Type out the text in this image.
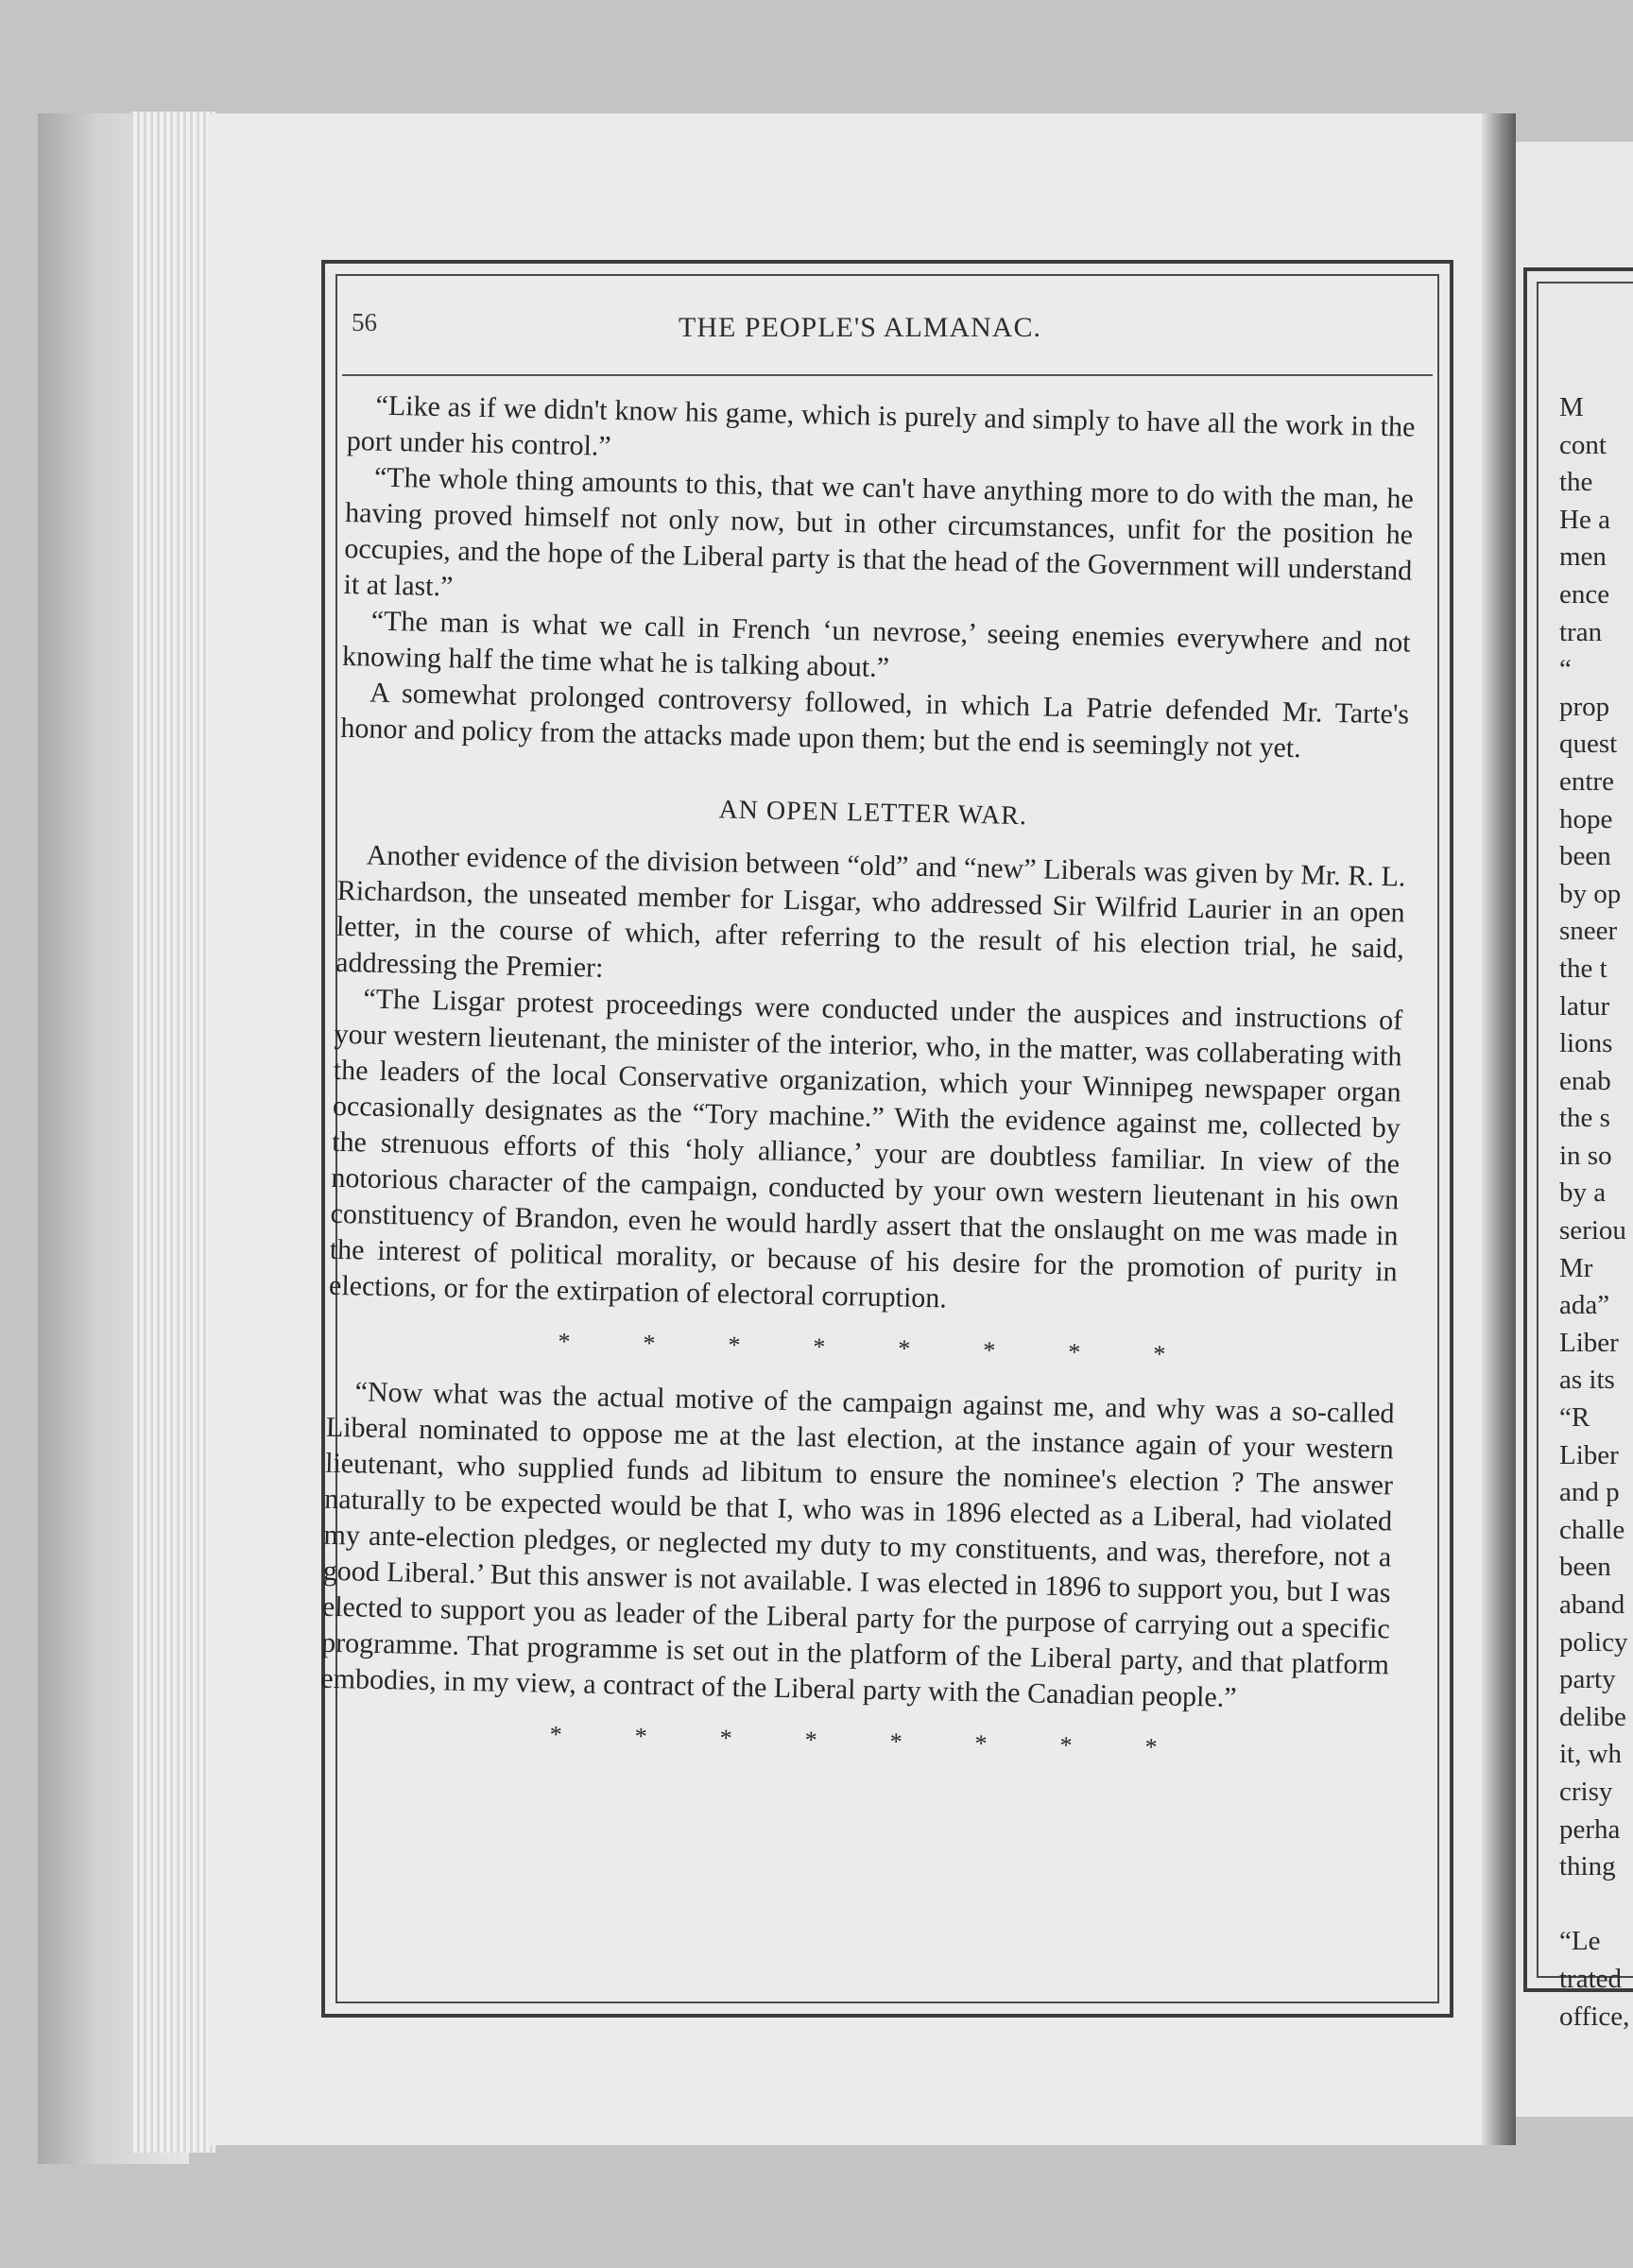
56	THE PEOPLE'S ALMANAC.

“Like as if we didn't know his game, which is purely and simply to have all the work in the port under his control.”

“The whole thing amounts to this, that we can't have anything more to do with the man, he having proved himself not only now, but in other circumstances, unfit for the position he occupies, and the hope of the Liberal party is that the head of the Government will understand it at last.”

“The man is what we call in French ‘un nevrose,’ seeing enemies everywhere and not knowing half the time what he is talking about.”

A somewhat prolonged controversy followed, in which La Patrie defended Mr. Tarte's honor and policy from the attacks made upon them; but the end is seemingly not yet.

AN OPEN LETTER WAR.

Another evidence of the division between “old” and “new” Liberals was given by Mr. R. L. Richardson, the unseated member for Lisgar, who addressed Sir Wilfrid Laurier in an open letter, in the course of which, after referring to the result of his election trial, he said, addressing the Premier:

“The Lisgar protest proceedings were conducted under the auspices and instructions of your western lieutenant, the minister of the interior, who, in the matter, was collaberating with the leaders of the local Conservative organization, which your Winnipeg newspaper organ occasionally designates as the “Tory machine.” With the evidence against me, collected by the strenuous efforts of this ‘holy alliance,’ your are doubtless familiar. In view of the notorious character of the campaign, conducted by your own western lieutenant in his own constituency of Brandon, even he would hardly assert that the onslaught on me was made in the interest of political morality, or because of his desire for the promotion of purity in elections, or for the extirpation of electoral corruption.

*	*	*	*	*	*	*	*

“Now what was the actual motive of the campaign against me, and why was a so-called Liberal nominated to oppose me at the last election, at the instance again of your western lieutenant, who supplied funds ad libitum to ensure the nominee's election ? The answer naturally to be expected would be that I, who was in 1896 elected as a Liberal, had violated my ante-election pledges, or neglected my duty to my constituents, and was, therefore, not a good Liberal.’ But this answer is not available. I was elected in 1896 to support you, but I was elected to support you as leader of the Liberal party for the purpose of carrying out a specific programme. That programme is set out in the platform of the Liberal party, and that platform embodies, in my view, a contract of the Liberal party with the Canadian people.”

*	*	*	*	*	*	*	*
M
cont
the
He a
men
ence
tran
“
prop
quest
entre
hope
been
by op
sneer
the t
latur
lions
enab
the s
in so
by a
seriou
Mr
ada”
Liber
as its
“R
Liber
and p
challe
been
aband
policy
party
delibe
it, wh
crisy
perha
thing
“Le
trated
office,
